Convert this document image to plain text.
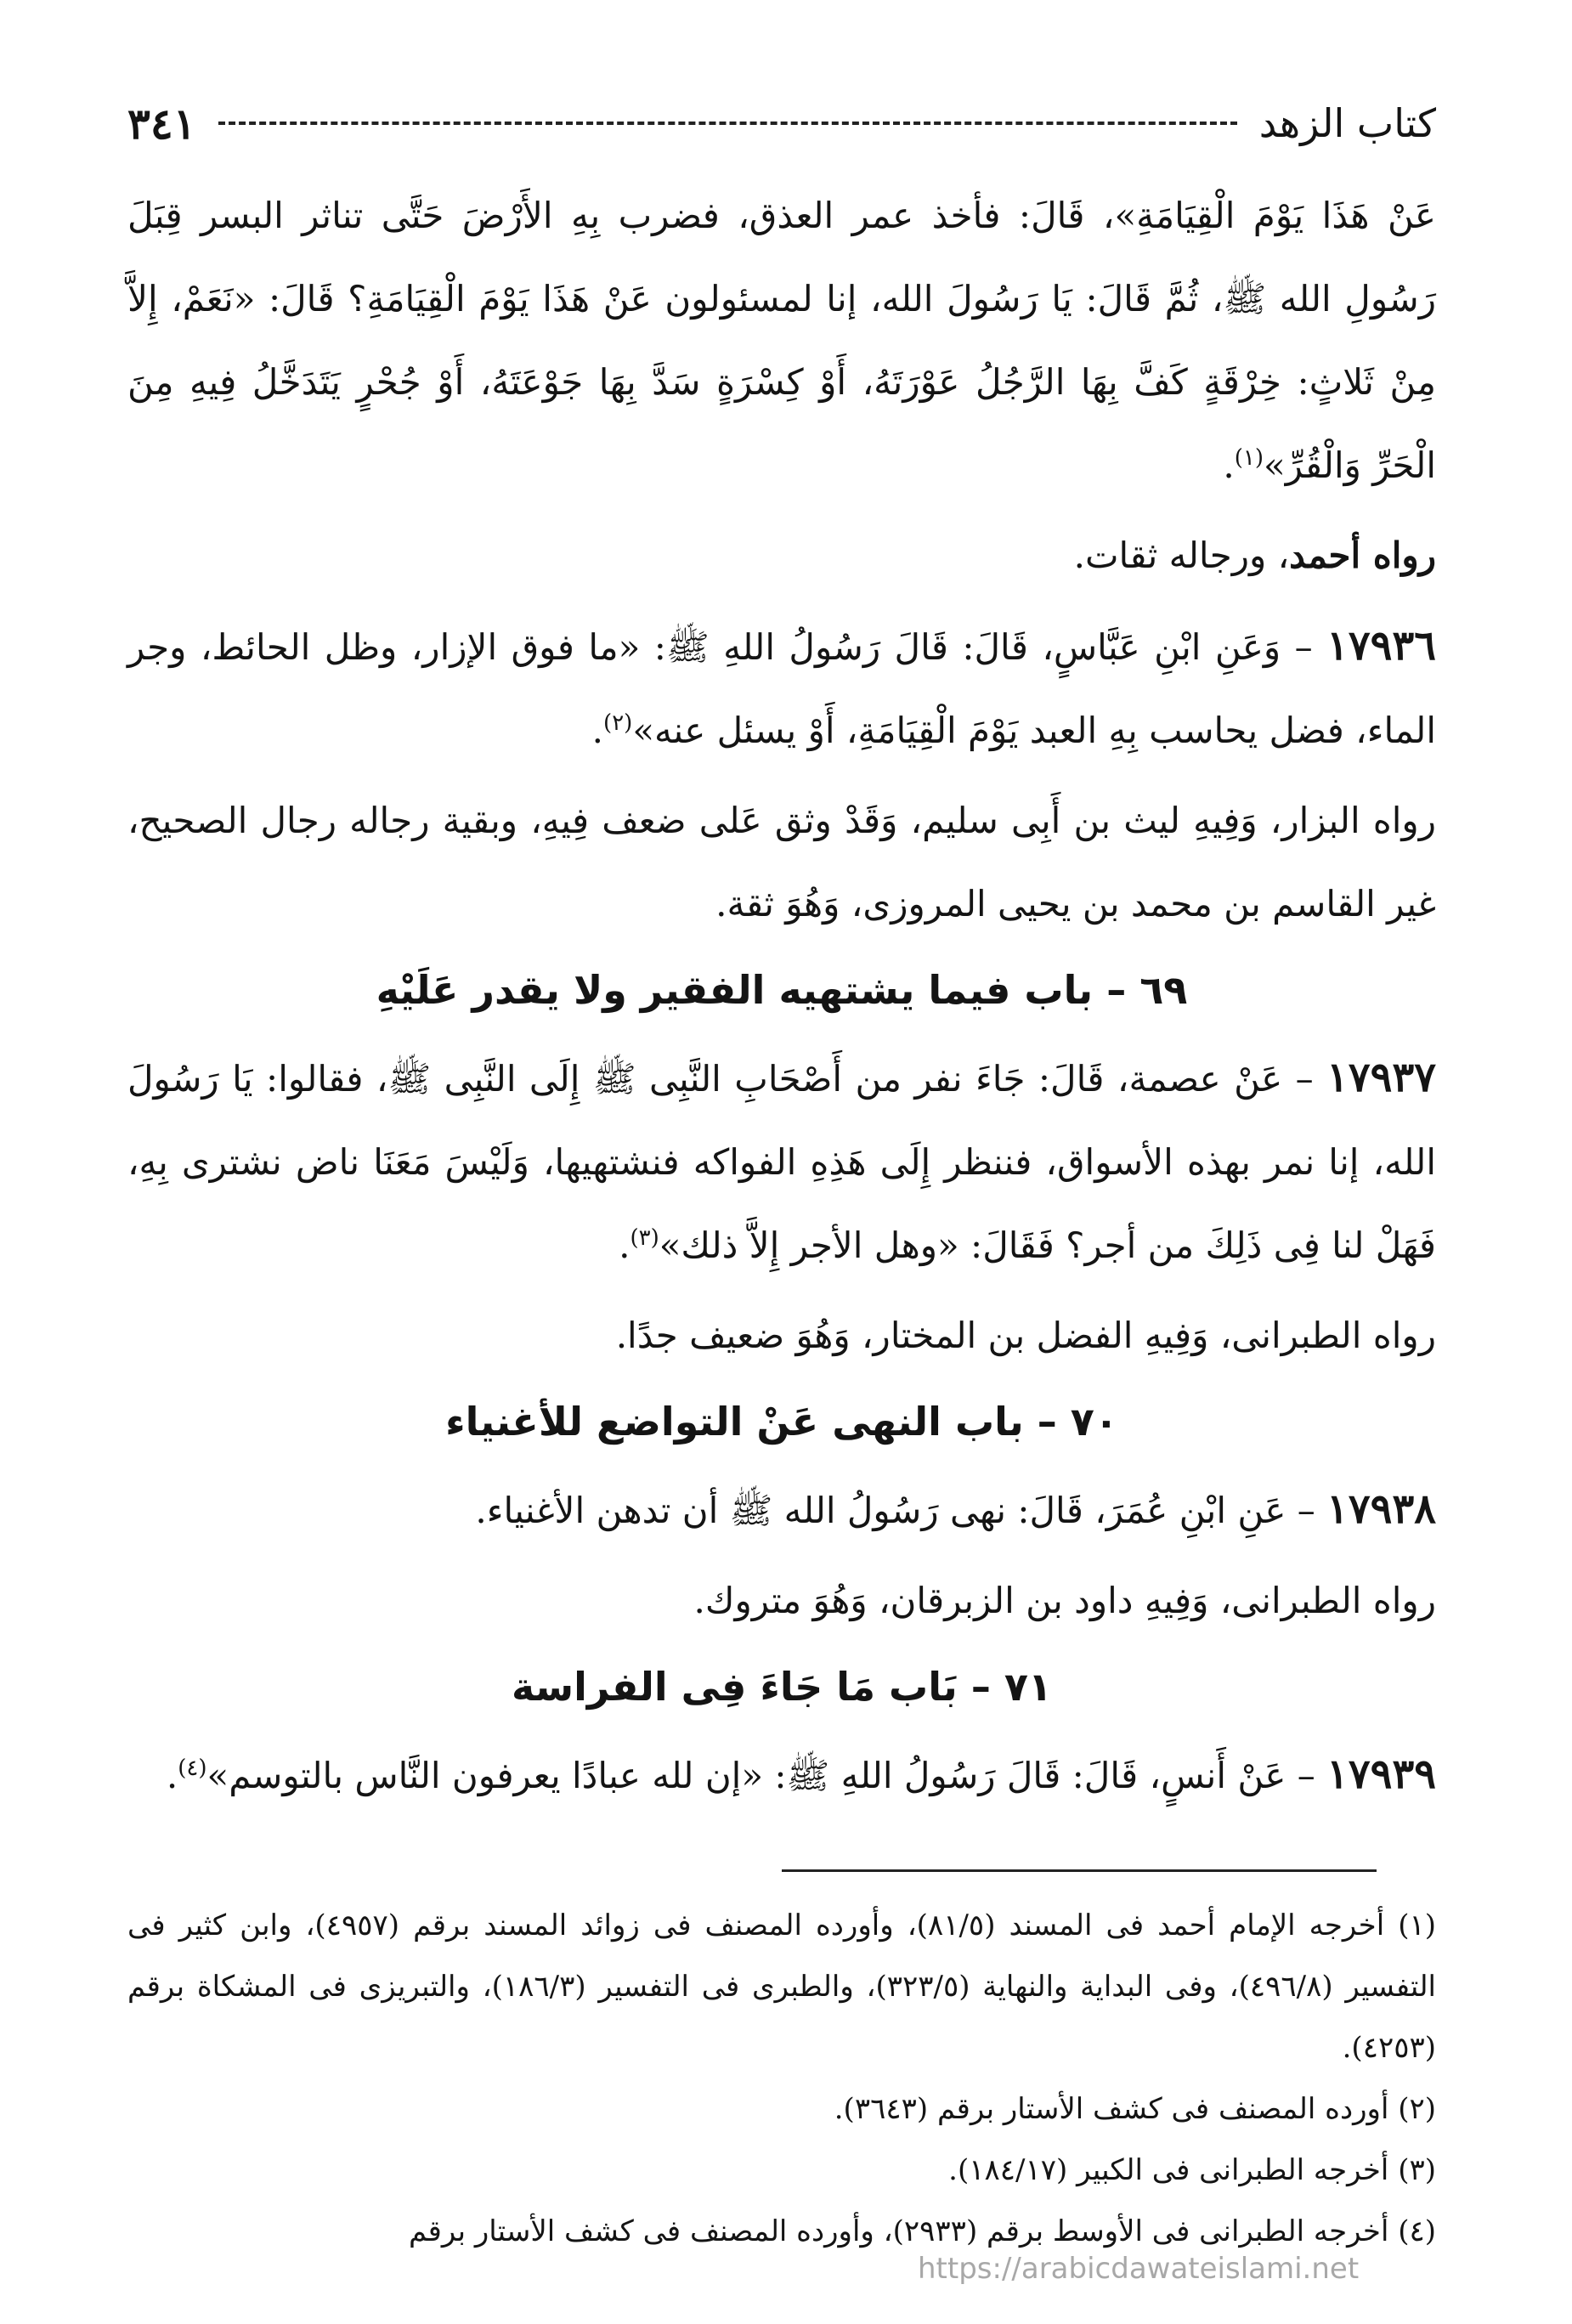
كتاب الزهد
٣٤١

عَنْ هَذَا يَوْمَ الْقِيَامَةِ»، قَالَ: فأخذ عمر العذق، فضرب بِهِ الأَرْضَ حَتَّى تناثر البسر قِبَلَ رَسُولِ الله ﷺ، ثُمَّ قَالَ: يَا رَسُولَ الله، إنا لمسئولون عَنْ هَذَا يَوْمَ الْقِيَامَةِ؟ قَالَ: «نَعَمْ، إِلاَّ مِنْ ثَلاثٍ: خِرْقَةٍ كَفَّ بِهَا الرَّجُلُ عَوْرَتَهُ، أَوْ كِسْرَةٍ سَدَّ بِهَا جَوْعَتَهُ، أَوْ جُحْرٍ يَتَدَخَّلُ فِيهِ مِنَ الْحَرِّ وَالْقُرِّ»$^{(١)}$.

رواه أحمد، ورجاله ثقات.

١٧٩٣٦ – وَعَنِ ابْنِ عَبَّاسٍ، قَالَ: قَالَ رَسُولُ اللهِ ﷺ: «ما فوق الإزار، وظل الحائط، وجر الماء، فضل يحاسب بِهِ العبد يَوْمَ الْقِيَامَةِ، أَوْ يسئل عنه»$^{(٢)}$.

رواه البزار، وَفِيهِ ليث بن أَبِى سليم، وَقَدْ وثق عَلى ضعف فِيهِ، وبقية رجاله رجال الصحيح، غير القاسم بن محمد بن يحيى المروزى، وَهُوَ ثقة.

٦٩ – باب فيما يشتهيه الفقير ولا يقدر عَلَيْهِ

١٧٩٣٧ – عَنْ عصمة، قَالَ: جَاءَ نفر من أَصْحَابِ النَّبِى ﷺ إِلَى النَّبِى ﷺ، فقالوا: يَا رَسُولَ الله، إنا نمر بهذه الأسواق، فننظر إِلَى هَذِهِ الفواكه فنشتهيها، وَلَيْسَ مَعَنَا ناض نشترى بِهِ، فَهَلْ لنا فِى ذَلِكَ من أجر؟ فَقَالَ: «وهل الأجر إِلاَّ ذلك»$^{(٣)}$.

رواه الطبرانى، وَفِيهِ الفضل بن المختار، وَهُوَ ضعيف جدًا.

٧٠ – باب النهى عَنْ التواضع للأغنياء

١٧٩٣٨ – عَنِ ابْنِ عُمَرَ، قَالَ: نهى رَسُولُ الله ﷺ أن تدهن الأغنياء.

رواه الطبرانى، وَفِيهِ داود بن الزبرقان، وَهُوَ متروك.

٧١ – بَاب مَا جَاءَ فِى الفراسة

١٧٩٣٩ – عَنْ أَنسٍ، قَالَ: قَالَ رَسُولُ اللهِ ﷺ: «إن لله عبادًا يعرفون النَّاس بالتوسم»$^{(٤)}$.

(١) أخرجه الإمام أحمد فى المسند (٨١/٥)، وأورده المصنف فى زوائد المسند برقم (٤٩٥٧)، وابن كثير فى التفسير (٤٩٦/٨)، وفى البداية والنهاية (٣٢٣/٥)، والطبرى فى التفسير (١٨٦/٣)، والتبريزى فى المشكاة برقم (٤٢٥٣).

(٢) أورده المصنف فى كشف الأستار برقم (٣٦٤٣).

(٣) أخرجه الطبرانى فى الكبير (١٨٤/١٧).

(٤) أخرجه الطبرانى فى الأوسط برقم (٢٩٣٣)، وأورده المصنف فى كشف الأستار برقم

https://arabicdawateislami.net
